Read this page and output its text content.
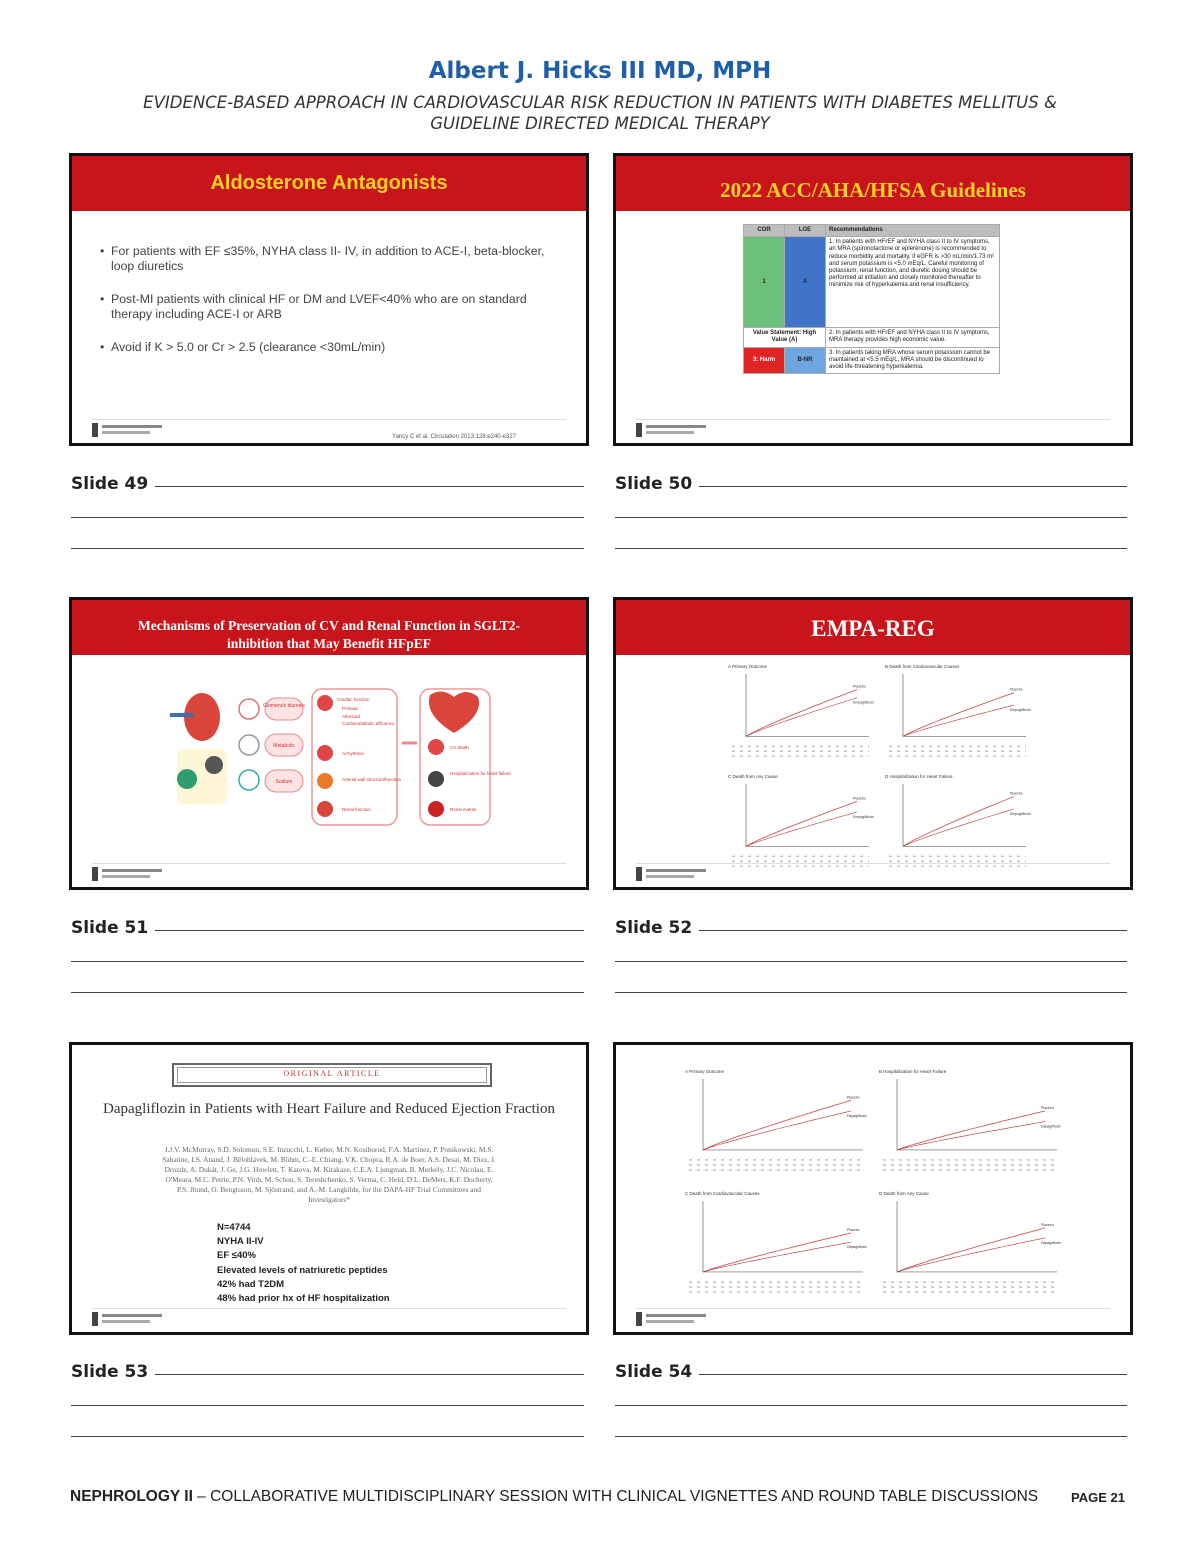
Albert J. Hicks III MD, MPH
EVIDENCE-BASED APPROACH IN CARDIOVASCULAR RISK REDUCTION IN PATIENTS WITH DIABETES MELLITUS & GUIDELINE DIRECTED MEDICAL THERAPY
Aldosterone Antagonists
• For patients with EF ≤35%, NYHA class II- IV, in addition to ACE-I, beta-blocker, loop diuretics
• Post-MI patients with clinical HF or DM and LVEF<40% who are on standard therapy including ACE-I or ARB
• Avoid if K > 5.0 or Cr > 2.5 (clearance <30mL/min)
Yancy C et al. Circulation 2013;128:e240-e327
2022 ACC/AHA/HFSA Guidelines
COR	LOE	Recommendations
1	A	1. In patients with HFrEF and NYHA class II to IV symptoms, an MRA (spironolactone or eplerenone) is recommended to reduce morbidity and mortality, if eGFR is >30 mL/min/1.73 m² and serum potassium is <5.0 mEq/L. Careful monitoring of potassium, renal function, and diuretic dosing should be performed at initiation and closely monitored thereafter to minimize risk of hyperkalemia and renal insufficiency.
Value Statement: High Value (A)		2. In patients with HFrEF and NYHA class II to IV symptoms, MRA therapy provides high economic value.
3: Harm	B-NR	3. In patients taking MRA whose serum potassium cannot be maintained at <5.5 mEq/L, MRA should be discontinued to avoid life-threatening hyperkalemia.
Mechanisms of Preservation of CV and Renal Function in SGLT2-inhibition that May Benefit HFpEF
Glomerulo diuresis
Metabolic
Sodium
Cardiac function
Preload
Afterload
Cardiometabolic efficiency
Arrhythmia
Arterial wall structure/function
Renal function
CV death
Hospitalization for heart failure
Renal events
EMPA-REG
A Primary Outcome
Placebo
Empagliflozin
B Death from Cardiovascular Causes
Placebo
Empagliflozin
C Death from Any Cause
Placebo
Empagliflozin
D Hospitalization for Heart Failure
Placebo
Empagliflozin
ORIGINAL ARTICLE
Dapagliflozin in Patients with Heart Failure and Reduced Ejection Fraction
J.J.V. McMurray, S.D. Solomon, S.E. Inzucchi, L. Køber, M.N. Kosiborod, F.A. Martinez, P. Ponikowski, M.S. Sabatine, I.S. Anand, J. Bělohlávek, M. Böhm, C.-E. Chiang, V.K. Chopra, R.A. de Boer, A.S. Desai, M. Diez, J. Drozdz, A. Dukát, J. Ge, J.G. Howlett, T. Katova, M. Kitakaze, C.E.A. Ljungman, B. Merkely, J.C. Nicolau, E. O'Meara, M.C. Petrie, P.N. Vinh, M. Schou, S. Tereshchenko, S. Verma, C. Held, D.L. DeMets, K.F. Docherty, P.S. Jhund, O. Bengtsson, M. Sjöstrand, and A.-M. Langkilde, for the DAPA-HF Trial Committees and Investigators*
N=4744
NYHA II-IV
EF ≤40%
Elevated levels of natriuretic peptides
42% had T2DM
48% had prior hx of HF hospitalization
A Primary Outcome
Placebo
Dapagliflozin
B Hospitalization for Heart Failure
Placebo
Dapagliflozin
C Death from Cardiovascular Causes
Placebo
Dapagliflozin
D Death from Any Cause
Placebo
Dapagliflozin
Slide 49	Slide 50
Slide 51	Slide 52
Slide 53	Slide 54
NEPHROLOGY II – COLLABORATIVE MULTIDISCIPLINARY SESSION WITH CLINICAL VIGNETTES AND ROUND TABLE DISCUSSIONS	PAGE 21
